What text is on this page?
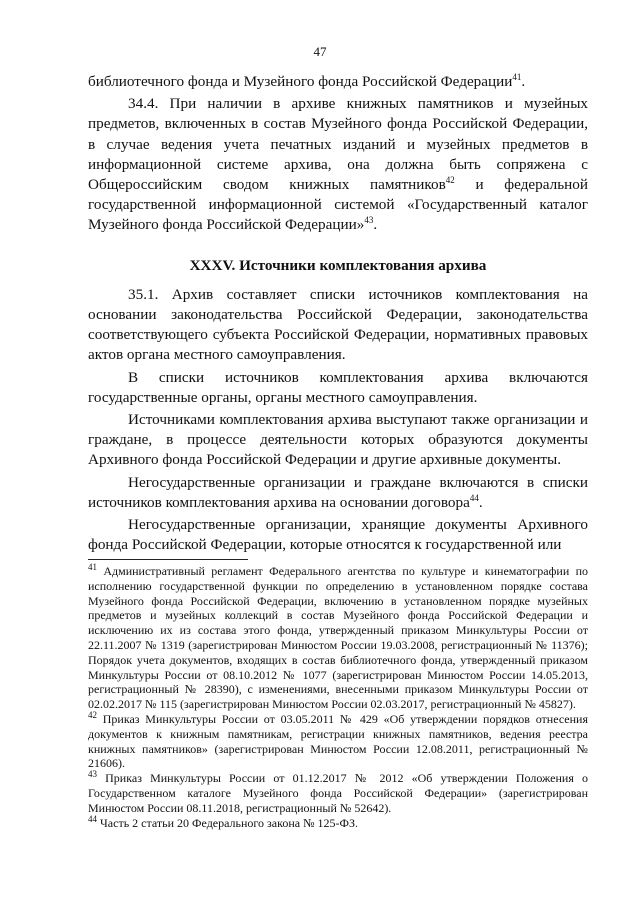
47

библиотечного фонда и Музейного фонда Российской Федерации$^{41}$.

34.4. При наличии в архиве книжных памятников и музейных предметов, включенных в состав Музейного фонда Российской Федерации, в случае ведения учета печатных изданий и музейных предметов в информационной системе архива, она должна быть сопряжена с Общероссийским сводом книжных памятников$^{42}$ и федеральной государственной информационной системой «Государственный каталог Музейного фонда Российской Федерации»$^{43}$.

XXXV. Источники комплектования архива

35.1. Архив составляет списки источников комплектования на основании законодательства Российской Федерации, законодательства соответствующего субъекта Российской Федерации, нормативных правовых актов органа местного самоуправления.

В списки источников комплектования архива включаются государственные органы, органы местного самоуправления.

Источниками комплектования архива выступают также организации и граждане, в процессе деятельности которых образуются документы Архивного фонда Российской Федерации и другие архивные документы.

Негосударственные организации и граждане включаются в списки источников комплектования архива на основании договора$^{44}$.

Негосударственные организации, хранящие документы Архивного фонда Российской Федерации, которые относятся к государственной или

$^{41}$ Административный регламент Федерального агентства по культуре и кинематографии по исполнению государственной функции по определению в установленном порядке состава Музейного фонда Российской Федерации, включению в установленном порядке музейных предметов и музейных коллекций в состав Музейного фонда Российской Федерации и исключению их из состава этого фонда, утвержденный приказом Минкультуры России от 22.11.2007 № 1319 (зарегистрирован Минюстом России 19.03.2008, регистрационный № 11376); Порядок учета документов, входящих в состав библиотечного фонда, утвержденный приказом Минкультуры России от 08.10.2012 № 1077 (зарегистрирован Минюстом России 14.05.2013, регистрационный № 28390), с изменениями, внесенными приказом Минкультуры России от 02.02.2017 № 115 (зарегистрирован Минюстом России 02.03.2017, регистрационный № 45827).

$^{42}$ Приказ Минкультуры России от 03.05.2011 № 429 «Об утверждении порядков отнесения документов к книжным памятникам, регистрации книжных памятников, ведения реестра книжных памятников» (зарегистрирован Минюстом России 12.08.2011, регистрационный № 21606).

$^{43}$ Приказ Минкультуры России от 01.12.2017 № 2012 «Об утверждении Положения о Государственном каталоге Музейного фонда Российской Федерации» (зарегистрирован Минюстом России 08.11.2018, регистрационный № 52642).

$^{44}$ Часть 2 статьи 20 Федерального закона № 125-ФЗ.
